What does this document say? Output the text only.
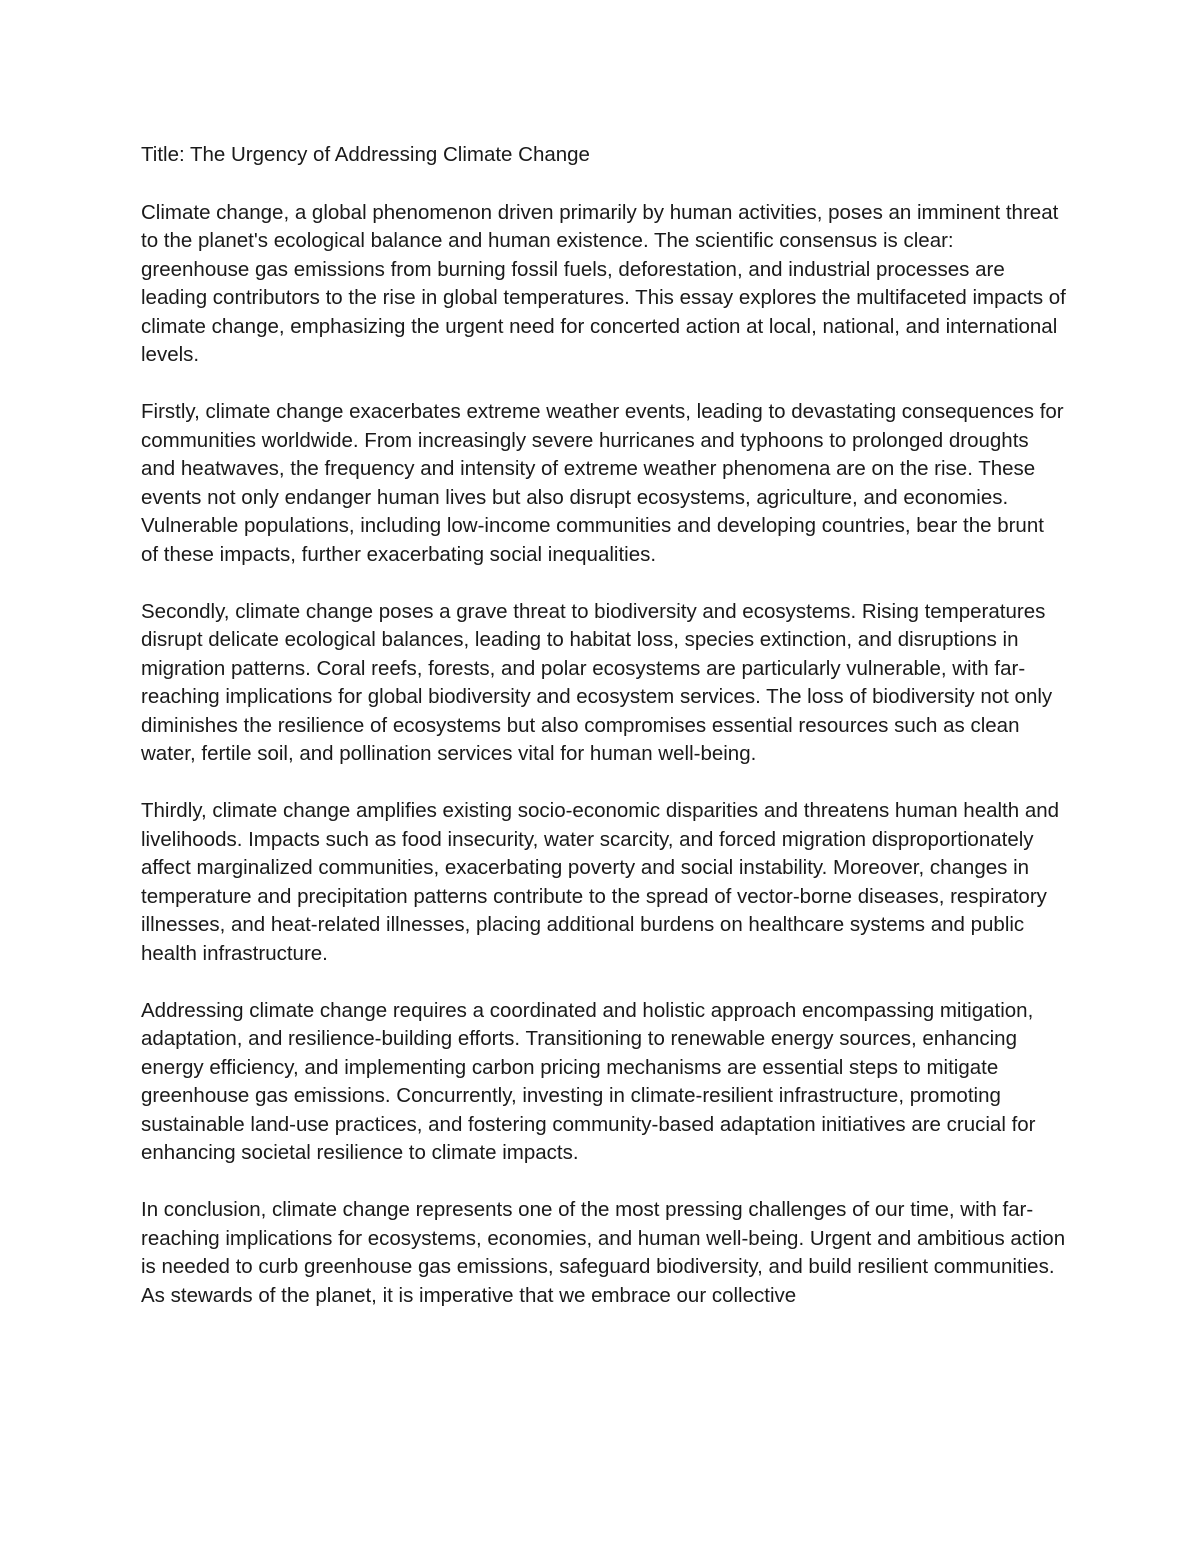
Title: The Urgency of Addressing Climate Change

Climate change, a global phenomenon driven primarily by human activities, poses an imminent threat to the planet's ecological balance and human existence. The scientific consensus is clear: greenhouse gas emissions from burning fossil fuels, deforestation, and industrial processes are leading contributors to the rise in global temperatures. This essay explores the multifaceted impacts of climate change, emphasizing the urgent need for concerted action at local, national, and international levels.

Firstly, climate change exacerbates extreme weather events, leading to devastating consequences for communities worldwide. From increasingly severe hurricanes and typhoons to prolonged droughts and heatwaves, the frequency and intensity of extreme weather phenomena are on the rise. These events not only endanger human lives but also disrupt ecosystems, agriculture, and economies. Vulnerable populations, including low-income communities and developing countries, bear the brunt of these impacts, further exacerbating social inequalities.

Secondly, climate change poses a grave threat to biodiversity and ecosystems. Rising temperatures disrupt delicate ecological balances, leading to habitat loss, species extinction, and disruptions in migration patterns. Coral reefs, forests, and polar ecosystems are particularly vulnerable, with far-reaching implications for global biodiversity and ecosystem services. The loss of biodiversity not only diminishes the resilience of ecosystems but also compromises essential resources such as clean water, fertile soil, and pollination services vital for human well-being.

Thirdly, climate change amplifies existing socio-economic disparities and threatens human health and livelihoods. Impacts such as food insecurity, water scarcity, and forced migration disproportionately affect marginalized communities, exacerbating poverty and social instability. Moreover, changes in temperature and precipitation patterns contribute to the spread of vector-borne diseases, respiratory illnesses, and heat-related illnesses, placing additional burdens on healthcare systems and public health infrastructure.

Addressing climate change requires a coordinated and holistic approach encompassing mitigation, adaptation, and resilience-building efforts. Transitioning to renewable energy sources, enhancing energy efficiency, and implementing carbon pricing mechanisms are essential steps to mitigate greenhouse gas emissions. Concurrently, investing in climate-resilient infrastructure, promoting sustainable land-use practices, and fostering community-based adaptation initiatives are crucial for enhancing societal resilience to climate impacts.

In conclusion, climate change represents one of the most pressing challenges of our time, with far-reaching implications for ecosystems, economies, and human well-being. Urgent and ambitious action is needed to curb greenhouse gas emissions, safeguard biodiversity, and build resilient communities. As stewards of the planet, it is imperative that we embrace our collective
